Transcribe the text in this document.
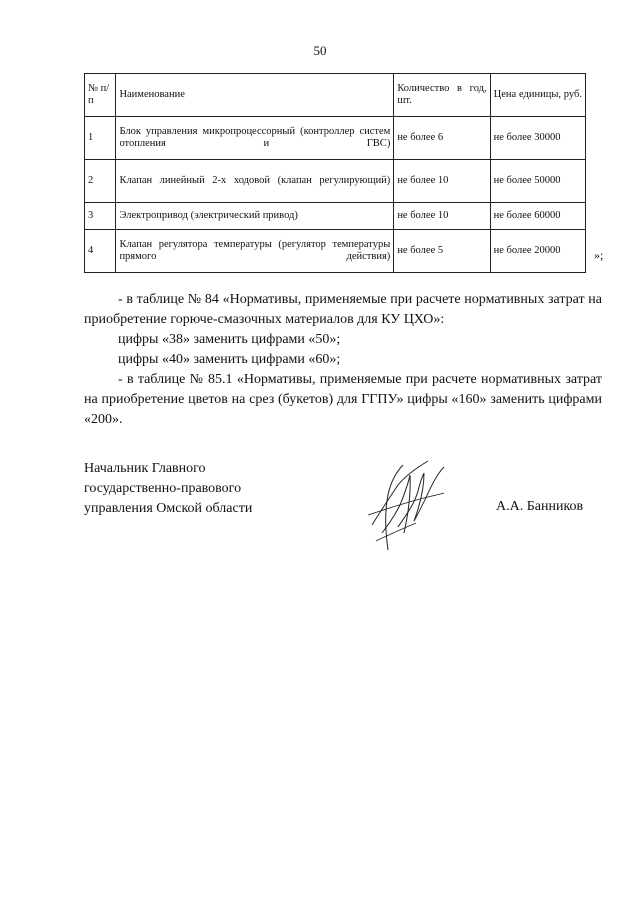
50
№ п/п	Наименование	Количество в год, шт.	Цена единицы, руб.
1	Блок управления микропроцессорный (контроллер систем отопления и ГВС)	не более 6	не более 30000
2	Клапан линейный 2-х ходовой (клапан регулирующий)	не более 10	не более 50000
3	Электропривод (электрический привод)	не более 10	не более 60000
4	Клапан регулятора температуры (регулятор температуры прямого действия)	не более 5	не более 20000	»;
- в таблице № 84 «Нормативы, применяемые при расчете нормативных затрат на приобретение горюче-смазочных материалов для КУ ЦХО»:
цифры «38» заменить цифрами «50»;
цифры «40» заменить цифрами «60»;
- в таблице № 85.1 «Нормативы, применяемые при расчете нормативных затрат на приобретение цветов на срез (букетов) для ГГПУ» цифры «160» заменить цифрами «200».
Начальник Главного
государственно-правового
управления Омской области	А.А. Банников
